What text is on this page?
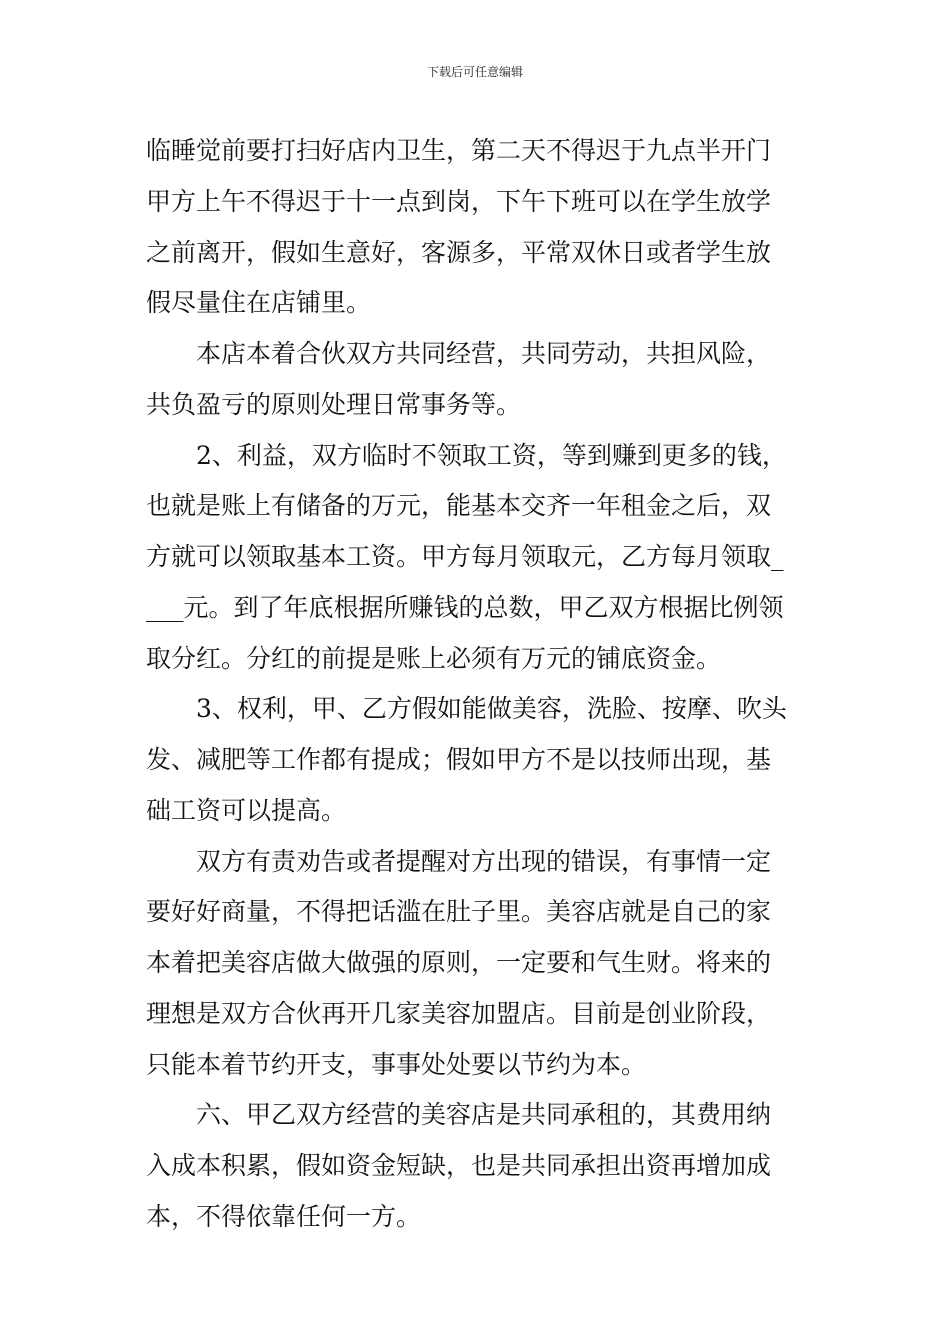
下载后可任意编辑
临睡觉前要打扫好店内卫生，第二天不得迟于九点半开门
甲方上午不得迟于十一点到岗，下午下班可以在学生放学
之前离开，假如生意好，客源多，平常双休日或者学生放
假尽量住在店铺里。
本店本着合伙双方共同经营，共同劳动，共担风险，
共负盈亏的原则处理日常事务等。
2、利益，双方临时不领取工资，等到赚到更多的钱，
也就是账上有储备的万元，能基本交齐一年租金之后，双
方就可以领取基本工资。甲方每月领取元，乙方每月领取_
___元。到了年底根据所赚钱的总数，甲乙双方根据比例领
取分红。分红的前提是账上必须有万元的铺底资金。
3、权利，甲、乙方假如能做美容，洗脸、按摩、吹头
发、减肥等工作都有提成；假如甲方不是以技师出现，基
础工资可以提高。
双方有责劝告或者提醒对方出现的错误，有事情一定
要好好商量，不得把话滥在肚子里。美容店就是自己的家
本着把美容店做大做强的原则，一定要和气生财。将来的
理想是双方合伙再开几家美容加盟店。目前是创业阶段，
只能本着节约开支，事事处处要以节约为本。
六、甲乙双方经营的美容店是共同承租的，其费用纳
入成本积累，假如资金短缺，也是共同承担出资再增加成
本，不得依靠任何一方。
